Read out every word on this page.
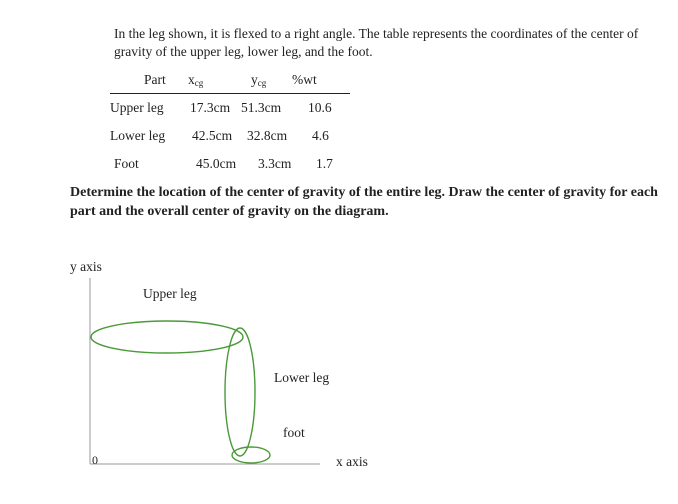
In the leg shown, it is flexed to a right angle. The table represents the coordinates of the center of gravity of the upper leg, lower leg, and the foot.
Part $x_{cg}$	$y_{cg}$ %wt
Upper leg 17.3cm 51.3cm 10.6
Lower leg 42.5cm 32.8cm 4.6
Foot	45.0cm 3.3cm 1.7
Determine the location of the center of gravity of the entire leg. Draw the center of gravity for each part and the overall center of gravity on the diagram.
y axis
x axis
0
Upper leg
Lower leg
foot
